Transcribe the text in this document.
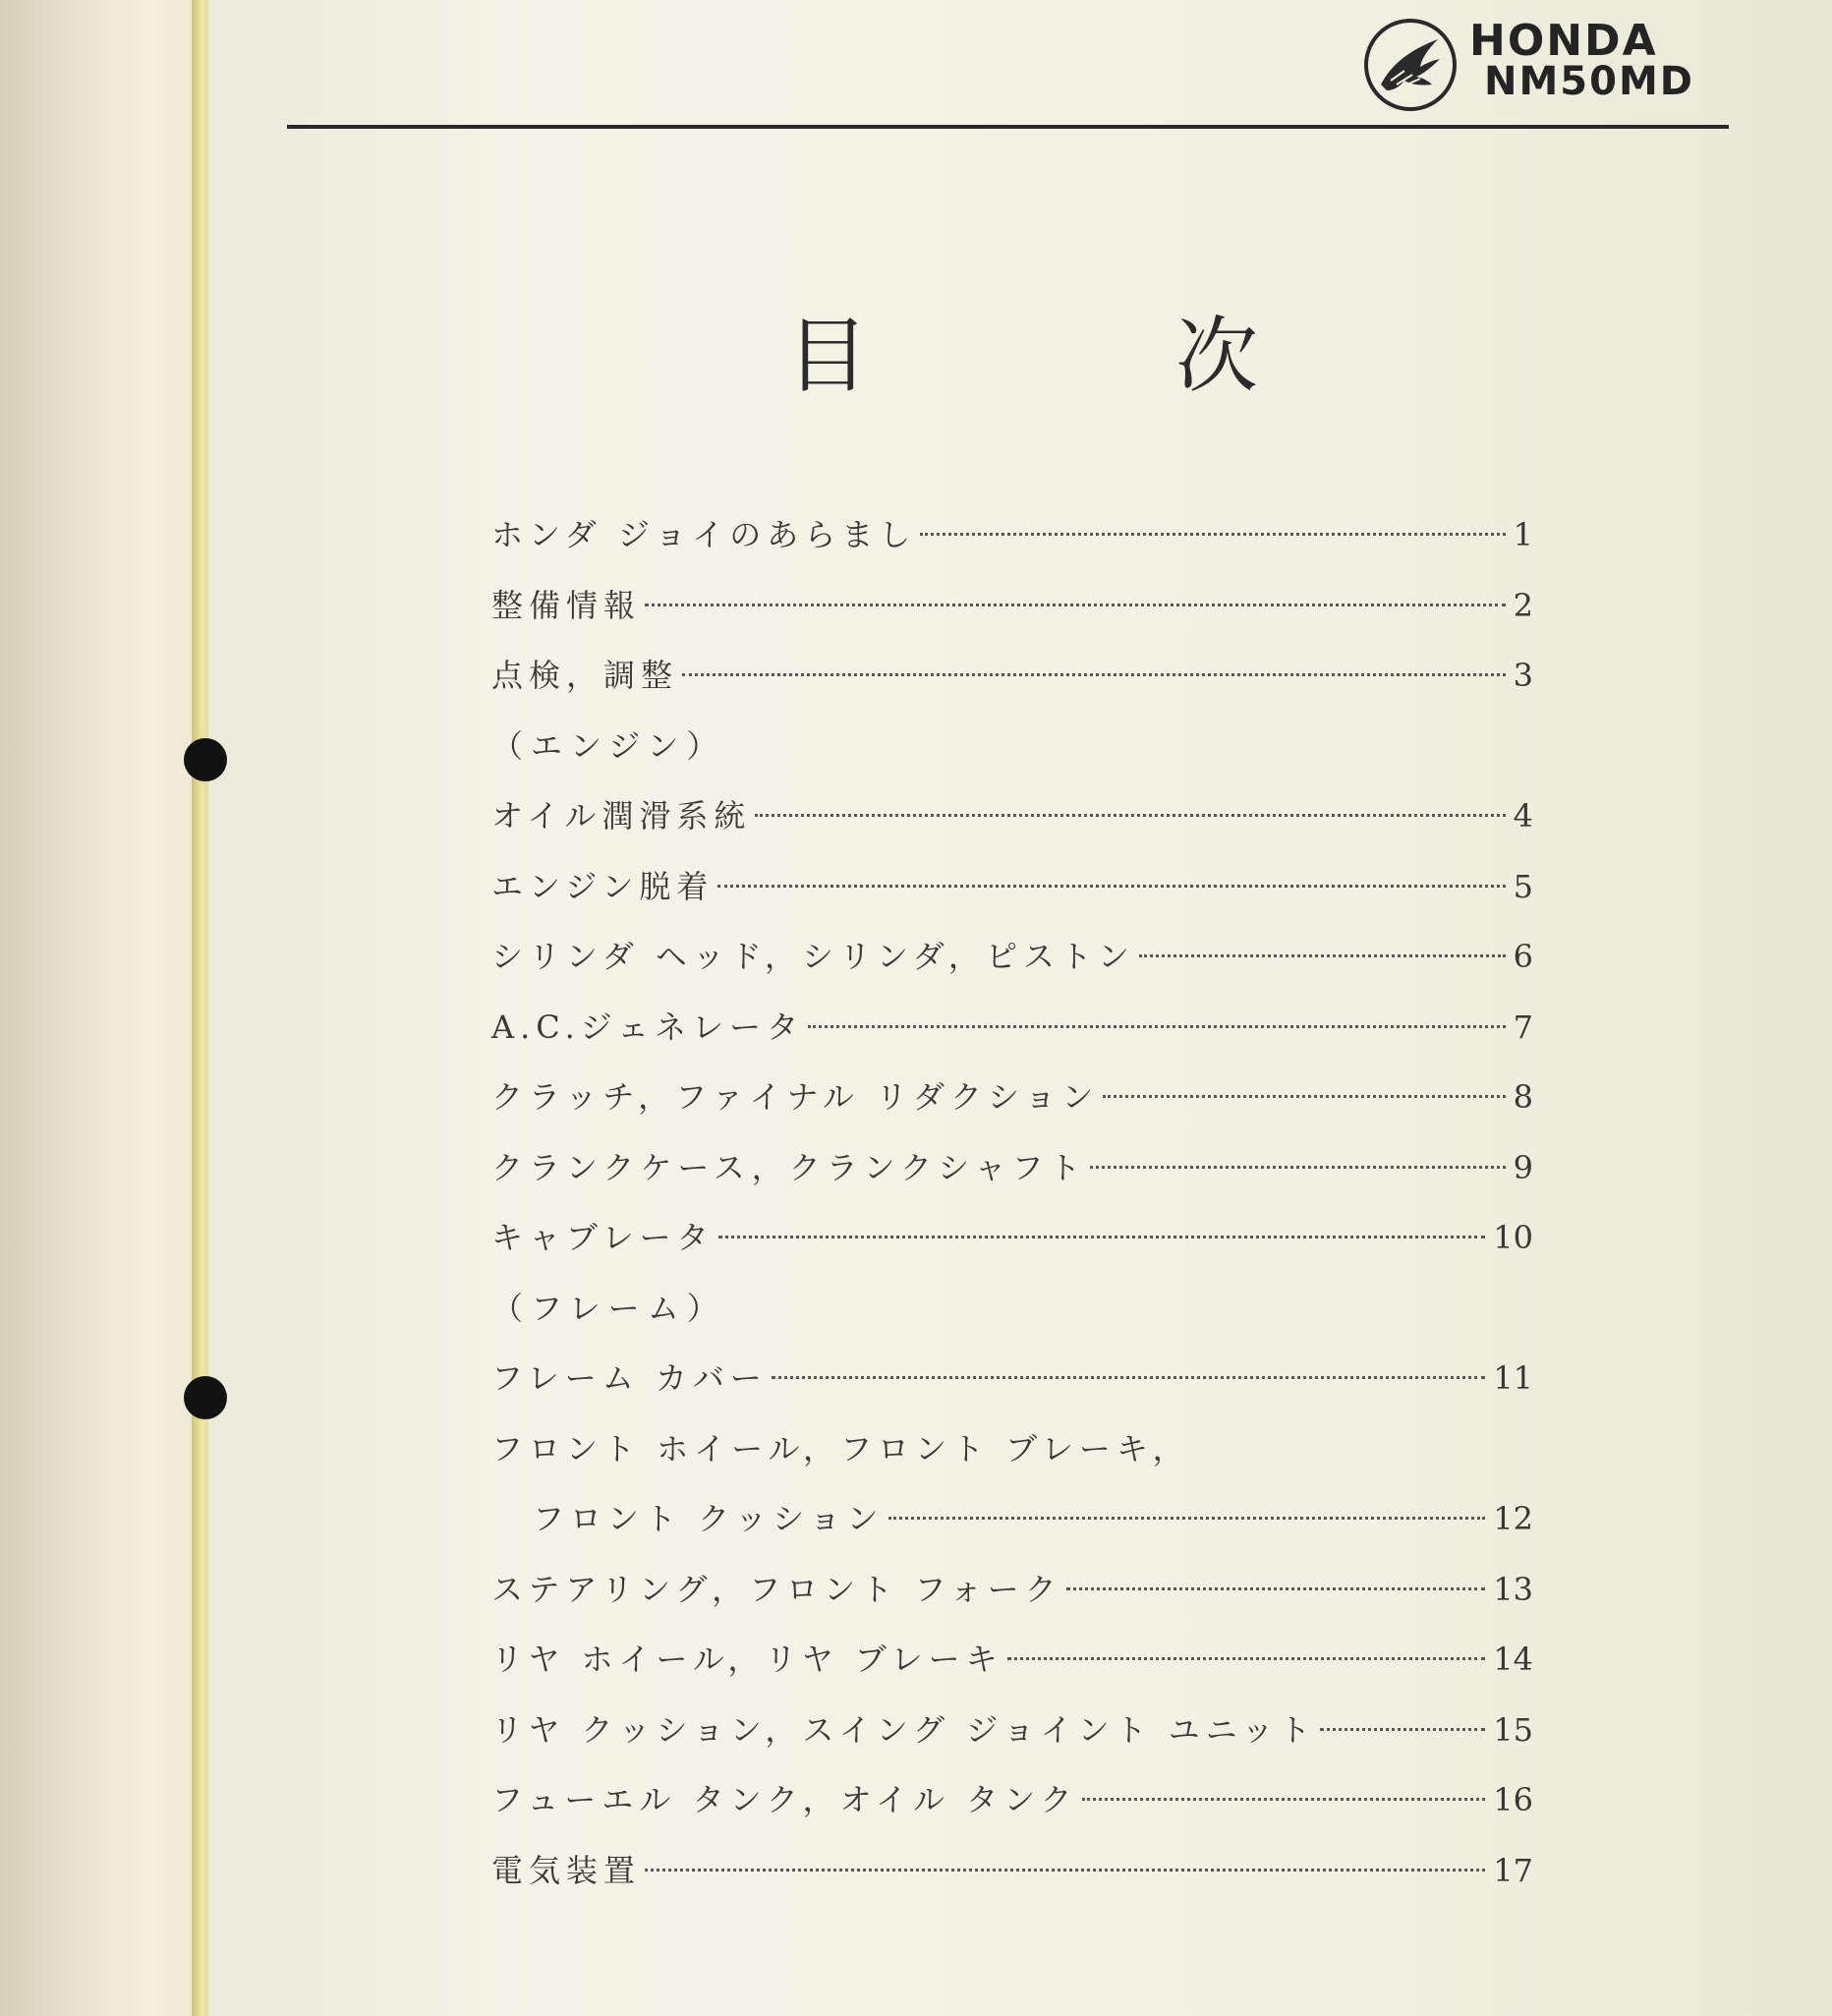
HONDA
NM50MD
目	次
ホンダ ジョイのあらまし	1
整備情報	2
点検，調整	3
（エンジン）
オイル潤滑系統	4
エンジン脱着	5
シリンダ ヘッド，シリンダ，ピストン	6
A.C.ジェネレータ	7
クラッチ，ファイナル リダクション	8
クランクケース，クランクシャフト	9
キャブレータ	10
（フレーム）
フレーム カバー	11
フロント ホイール，フロント ブレーキ，
フロント クッション	12
ステアリング，フロント フォーク	13
リヤ ホイール，リヤ ブレーキ	14
リヤ クッション，スイング ジョイント ユニット	15
フューエル タンク，オイル タンク	16
電気装置	17
